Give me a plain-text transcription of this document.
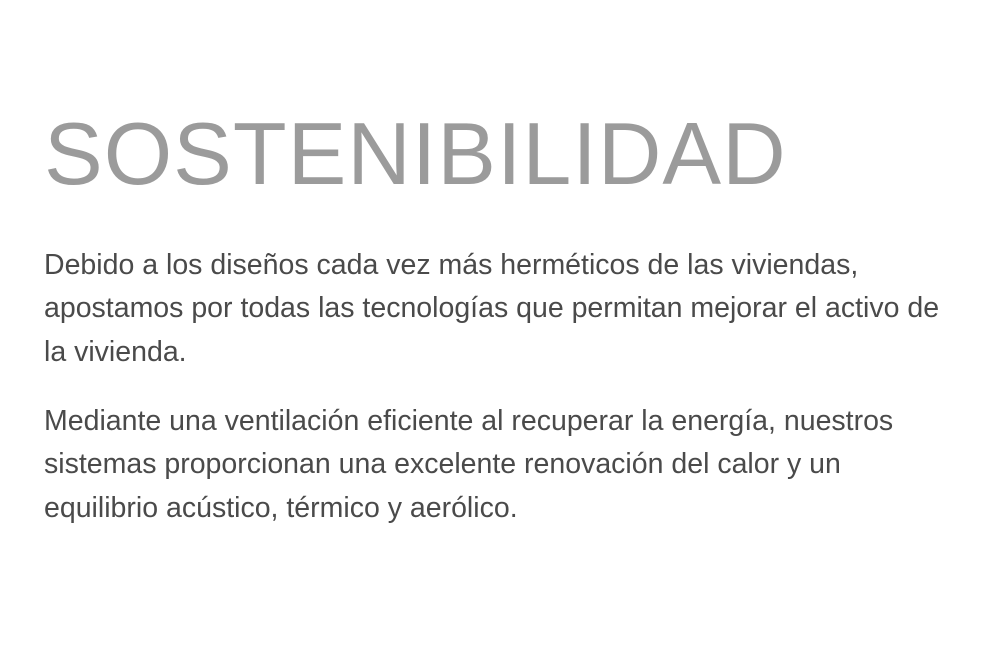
SOSTENIBILIDAD

Debido a los diseños cada vez más herméticos de las viviendas, apostamos por todas las tecnologías que permitan mejorar el activo de la vivienda.

Mediante una ventilación eficiente al recuperar la energía, nuestros sistemas proporcionan una excelente renovación del calor y un equilibrio acústico, térmico y aerólico.
